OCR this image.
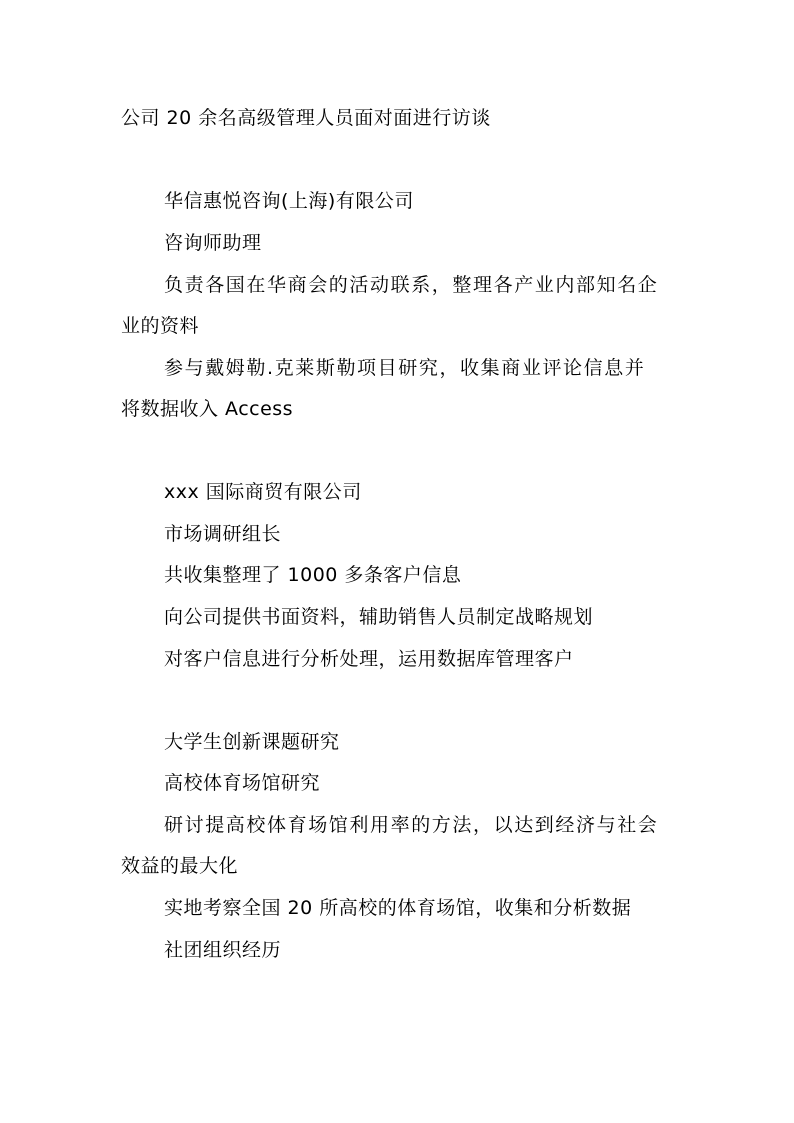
公司 20 余名高级管理人员面对面进行访谈
华信惠悦咨询(上海)有限公司
咨询师助理
负责各国在华商会的活动联系，整理各产业内部知名企
业的资料
参与戴姆勒.克莱斯勒项目研究，收集商业评论信息并
将数据收入 Access
xxx 国际商贸有限公司
市场调研组长
共收集整理了 1000 多条客户信息
向公司提供书面资料，辅助销售人员制定战略规划
对客户信息进行分析处理，运用数据库管理客户
大学生创新课题研究
高校体育场馆研究
研讨提高校体育场馆利用率的方法，以达到经济与社会
效益的最大化
实地考察全国 20 所高校的体育场馆，收集和分析数据
社团组织经历
